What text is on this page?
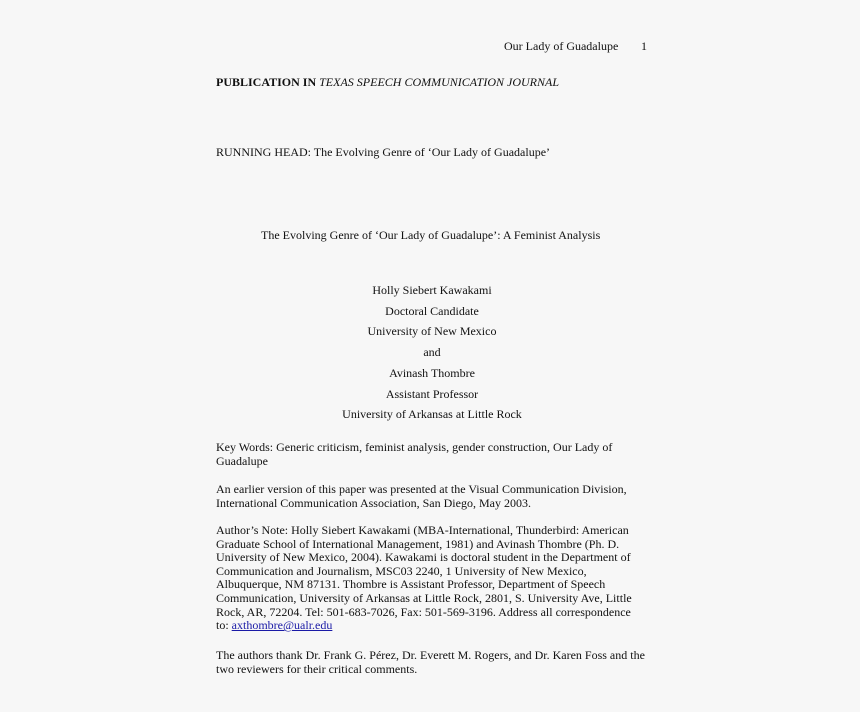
Our Lady of Guadalupe 1
PUBLICATION IN TEXAS SPEECH COMMUNICATION JOURNAL
RUNNING HEAD: The Evolving Genre of ‘Our Lady of Guadalupe’
The Evolving Genre of ‘Our Lady of Guadalupe’: A Feminist Analysis
Holly Siebert Kawakami
Doctoral Candidate
University of New Mexico
and
Avinash Thombre
Assistant Professor
University of Arkansas at Little Rock
Key Words: Generic criticism, feminist analysis, gender construction, Our Lady of Guadalupe
An earlier version of this paper was presented at the Visual Communication Division, International Communication Association, San Diego, May 2003.
Author’s Note: Holly Siebert Kawakami (MBA-International, Thunderbird: American Graduate School of International Management, 1981) and Avinash Thombre (Ph. D. University of New Mexico, 2004). Kawakami is doctoral student in the Department of Communication and Journalism, MSC03 2240, 1 University of New Mexico, Albuquerque, NM 87131. Thombre is Assistant Professor, Department of Speech Communication, University of Arkansas at Little Rock, 2801, S. University Ave, Little Rock, AR, 72204. Tel: 501-683-7026, Fax: 501-569-3196. Address all correspondence to: axthombre@ualr.edu
The authors thank Dr. Frank G. Pérez, Dr. Everett M. Rogers, and Dr. Karen Foss and the two reviewers for their critical comments.
